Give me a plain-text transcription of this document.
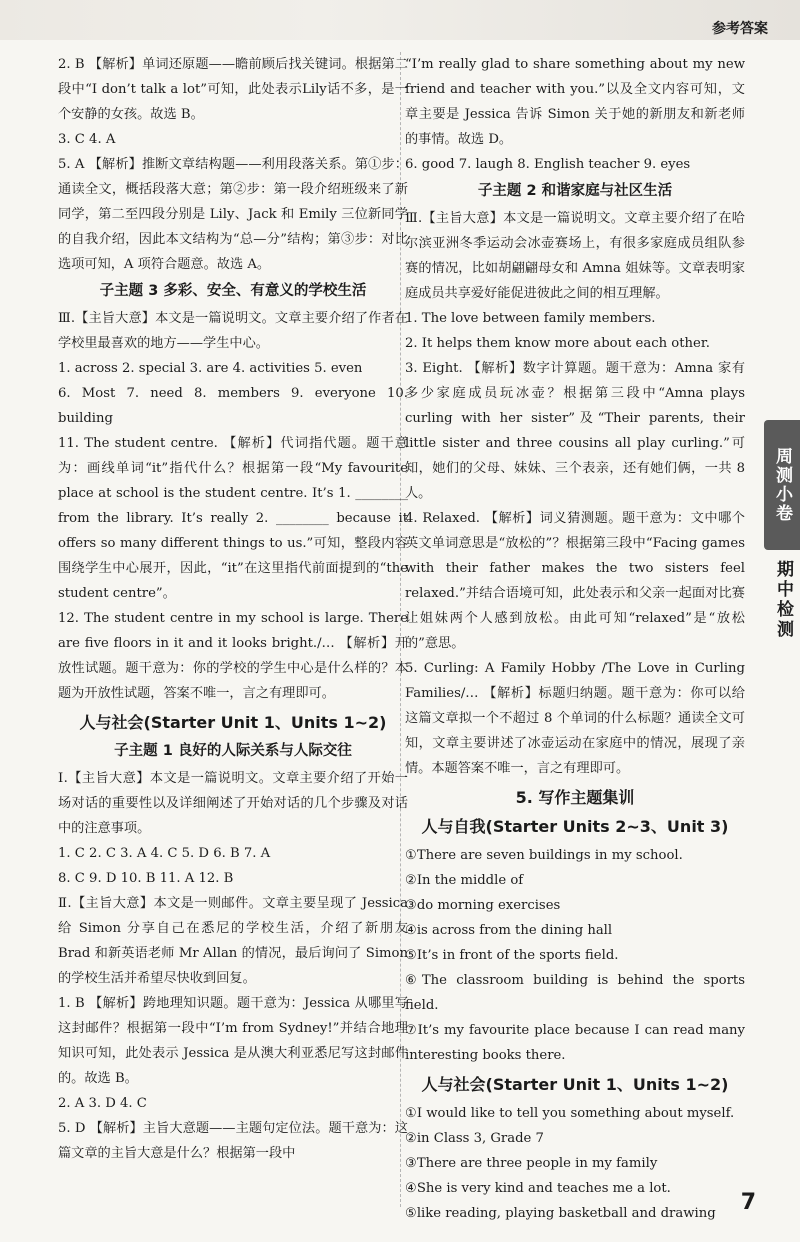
参考答案
2. B 【解析】单词还原题——瞻前顾后找关键词。根据第二段中“I don’t talk a lot”可知，此处表示Lily话不多，是一个安静的女孩。故选 B。
3. C 4. A
5. A 【解析】推断文章结构题——利用段落关系。第①步：通读全文，概括段落大意；第②步：第一段介绍班级来了新同学，第二至四段分别是 Lily、Jack 和 Emily 三位新同学的自我介绍，因此本文结构为“总—分”结构；第③步：对比选项可知，A 项符合题意。故选 A。
子主题 3 多彩、安全、有意义的学校生活
Ⅲ.【主旨大意】本文是一篇说明文。文章主要介绍了作者在学校里最喜欢的地方——学生中心。
1. across 2. special 3. are 4. activities 5. even
6. Most 7. need 8. members 9. everyone 10. building
11. The student centre. 【解析】代词指代题。题干意为：画线单词“it”指代什么？根据第一段“My favourite place at school is the student centre. It’s 1. ________ from the library. It’s really 2. ________ because it offers so many different things to us.”可知，整段内容围绕学生中心展开，因此，“it”在这里指代前面提到的“the student centre”。
12. The student centre in my school is large. There are five floors in it and it looks bright./… 【解析】开放性试题。题干意为：你的学校的学生中心是什么样的？本题为开放性试题，答案不唯一，言之有理即可。
人与社会(Starter Unit 1、Units 1~2)
子主题 1 良好的人际关系与人际交往
Ⅰ.【主旨大意】本文是一篇说明文。文章主要介绍了开始一场对话的重要性以及详细阐述了开始对话的几个步骤及对话中的注意事项。
1. C 2. C 3. A 4. C 5. D 6. B 7. A
8. C 9. D 10. B 11. A 12. B
Ⅱ.【主旨大意】本文是一则邮件。文章主要呈现了 Jessica 给 Simon 分享自己在悉尼的学校生活，介绍了新朋友 Brad 和新英语老师 Mr Allan 的情况，最后询问了 Simon 的学校生活并希望尽快收到回复。
1. B 【解析】跨地理知识题。题干意为：Jessica 从哪里写这封邮件？根据第一段中“I’m from Sydney!”并结合地理知识可知，此处表示 Jessica 是从澳大利亚悉尼写这封邮件的。故选 B。
2. A 3. D 4. C
5. D 【解析】主旨大意题——主题句定位法。题干意为：这篇文章的主旨大意是什么？根据第一段中
“I’m really glad to share something about my new friend and teacher with you.”以及全文内容可知，文章主要是 Jessica 告诉 Simon 关于她的新朋友和新老师的事情。故选 D。
6. good 7. laugh 8. English teacher 9. eyes
子主题 2 和谐家庭与社区生活
Ⅲ.【主旨大意】本文是一篇说明文。文章主要介绍了在哈尔滨亚洲冬季运动会冰壶赛场上，有很多家庭成员组队参赛的情况，比如胡翩翩母女和 Amna 姐妹等。文章表明家庭成员共享爱好能促进彼此之间的相互理解。
1. The love between family members.
2. It helps them know more about each other.
3. Eight. 【解析】数字计算题。题干意为：Amna 家有多少家庭成员玩冰壶？根据第三段中“Amna plays curling with her sister”及“Their parents, their little sister and three cousins all play curling.”可知，她们的父母、妹妹、三个表亲，还有她们俩，一共 8 人。
4. Relaxed. 【解析】词义猜测题。题干意为：文中哪个英文单词意思是“放松的”？根据第三段中“Facing games with their father makes the two sisters feel relaxed.”并结合语境可知，此处表示和父亲一起面对比赛让姐妹两个人感到放松。由此可知“relaxed”是“放松的”意思。
5. Curling: A Family Hobby /The Love in Curling Families/… 【解析】标题归纳题。题干意为：你可以给这篇文章拟一个不超过 8 个单词的什么标题？通读全文可知，文章主要讲述了冰壶运动在家庭中的情况，展现了亲情。本题答案不唯一，言之有理即可。
5. 写作主题集训
人与自我(Starter Units 2~3、Unit 3)
①There are seven buildings in my school.
②In the middle of
③do morning exercises
④is across from the dining hall
⑤It’s in front of the sports field.
⑥The classroom building is behind the sports field.
⑦It’s my favourite place because I can read many interesting books there.
人与社会(Starter Unit 1、Units 1~2)
①I would like to tell you something about myself.
②in Class 3, Grade 7
③There are three people in my family
④She is very kind and teaches me a lot.
⑤like reading, playing basketball and drawing
周测小卷
期中检测
7
